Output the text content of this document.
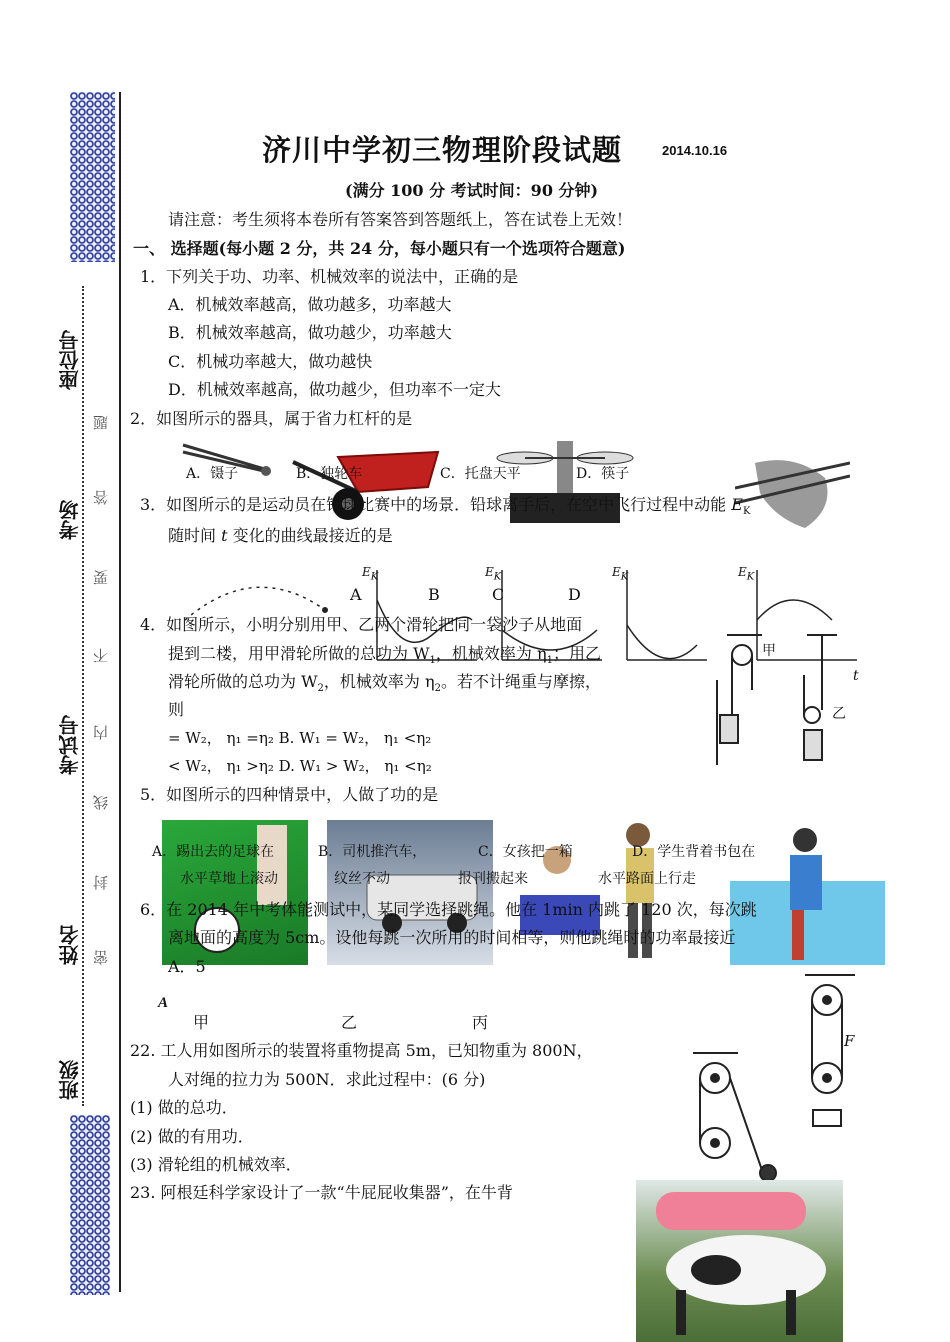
座位号
考场
考试号
姓名
班级
题
答
要
不
内
线
封
密
济川中学初三物理阶段试题	2014.10.16
(满分 100 分 考试时间：90 分钟)
请注意：考生须将本卷所有答案答到答题纸上，答在试卷上无效！
一、 选择题(每小题 2 分，共 24 分，每小题只有一个选项符合题意)
1．下列关于功、功率、机械效率的说法中，正确的是
A．机械效率越高，做功越多，功率越大
B．机械效率越高，做功越少，功率越大
C．机械功率越大，做功越快
D．机械效率越高，做功越少，但功率不一定大
2．如图所示的器具，属于省力杠杆的是
A．镊子	B．独轮车	C．托盘天平	D．筷子
3．如图所示的是运动员在铅球比赛中的场景．铅球离手后，在空中飞行过程中动能 $E_K$
随时间 t 变化的曲线最接近的是
A	B	C	D
$E_K$	$E_K$	$E_K$	$E_K$
t
4．如图所示，小明分别用甲、乙两个滑轮把同一袋沙子从地面
提到二楼，用甲滑轮所做的总功为 $W_1$，机械效率为 $\eta_1$；用乙
滑轮所做的总功为 $W_2$，机械效率为 $\eta_2$。若不计绳重与摩擦，
则
= W₂， η₁ =η₂ B. W₁ = W₂， η₁ <η₂
< W₂， η₁ >η₂ D. W₁ > W₂， η₁ <η₂
甲
乙
5．如图所示的四种情景中，人做了功的是
A．踢出去的足球在
水平草地上滚动
B．司机推汽车，
纹丝不动
C．女孩把一箱
报刊搬起来
D．学生背着书包在
水平路面上行走
6．在 2014 年中考体能测试中，某同学选择跳绳。他在 1min 内跳了 120 次，每次跳
离地面的高度为 5cm。设他每跳一次所用的时间相等，则他跳绳时的功率最接近
A．5
A
甲	乙	丙
F
22. 工人用如图所示的装置将重物提高 5m，已知物重为 800N，
人对绳的拉力为 500N．求此过程中：(6 分)
(1) 做的总功．
(2) 做的有用功．
(3) 滑轮组的机械效率．
23. 阿根廷科学家设计了一款“牛屁屁收集器”，在牛背
